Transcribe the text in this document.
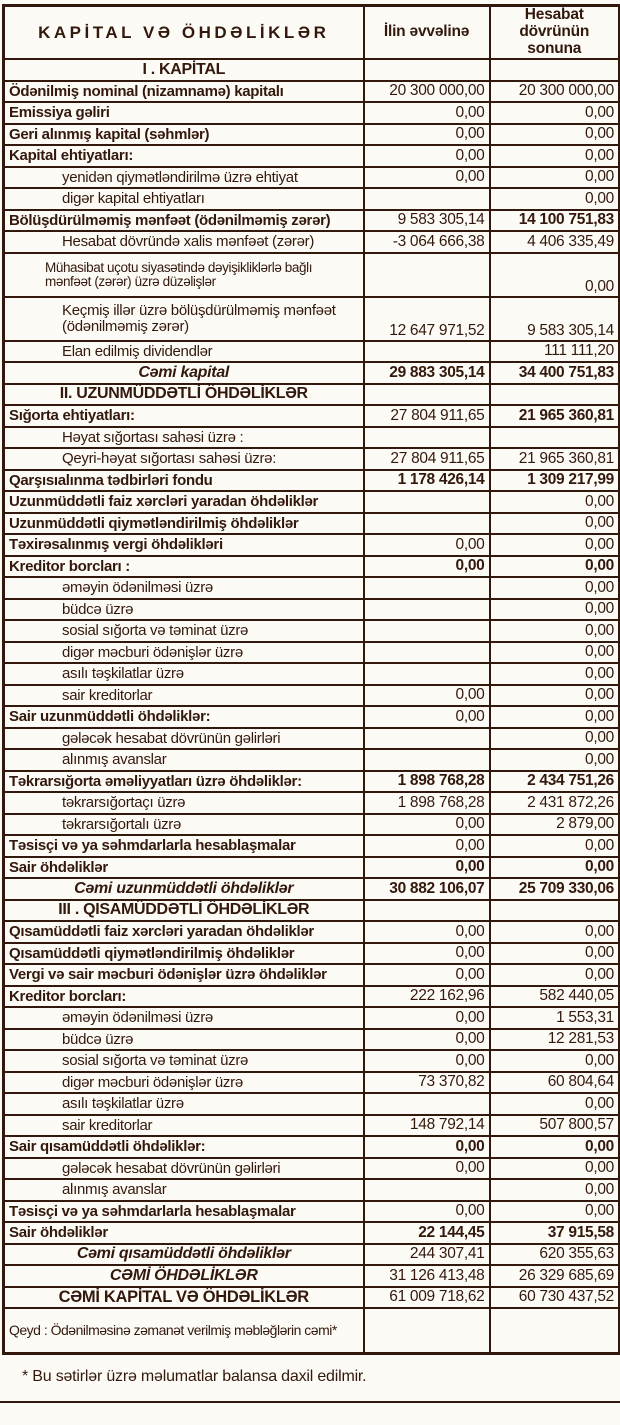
KAPİTAL VƏ ÖHDƏLİKLƏR	İlin əvvəlinə	Hesabat dövrünün sonuna
I . KAPİTAL		
Ödənilmiş nominal (nizamnamə) kapitalı	20 300 000,00	20 300 000,00
Emissiya gəliri	0,00	0,00
Geri alınmış kapital (səhmlər)	0,00	0,00
Kapital ehtiyatları:	0,00	0,00
yenidən qiymətləndirilmə üzrə ehtiyat	0,00	0,00
digər kapital ehtiyatları		0,00
Bölüşdürülməmiş mənfəət (ödənilməmiş zərər)	9 583 305,14	14 100 751,83
Hesabat dövründə xalis mənfəət (zərər)	-3 064 666,38	4 406 335,49
Mühasibat uçotu siyasətində dəyişikliklərlə bağlı mənfəət (zərər) üzrə düzəlişlər		0,00
Keçmiş illər üzrə bölüşdürülməmiş mənfəət (ödənilməmiş zərər)	12 647 971,52	9 583 305,14
Elan edilmiş dividendlər		111 111,20
Cəmi kapital	29 883 305,14	34 400 751,83
II. UZUNMÜDDƏTLİ ÖHDƏLİKLƏR		
Sığorta ehtiyatları:	27 804 911,65	21 965 360,81
Həyat sığortası sahəsi üzrə :		
Qeyri-həyat sığortası sahəsi üzrə:	27 804 911,65	21 965 360,81
Qarşısıalınma tədbirləri fondu	1 178 426,14	1 309 217,99
Uzunmüddətli faiz xərcləri yaradan öhdəliklər		0,00
Uzunmüddətli qiymətləndirilmiş öhdəliklər		0,00
Təxirəsalınmış vergi öhdəlikləri	0,00	0,00
Kreditor borcları :	0,00	0,00
əməyin ödənilməsi üzrə		0,00
büdcə üzrə		0,00
sosial sığorta və təminat üzrə		0,00
digər məcburi ödənişlər üzrə		0,00
asılı təşkilatlar üzrə		0,00
sair kreditorlar	0,00	0,00
Sair uzunmüddətli öhdəliklər:	0,00	0,00
gələcək hesabat dövrünün gəlirləri		0,00
alınmış avanslar		0,00
Təkrarsığorta əməliyyatları üzrə öhdəliklər:	1 898 768,28	2 434 751,26
təkrarsığortaçı üzrə	1 898 768,28	2 431 872,26
təkrarsığortalı üzrə	0,00	2 879,00
Təsisçi və ya səhmdarlarla hesablaşmalar	0,00	0,00
Sair öhdəliklər	0,00	0,00
Cəmi uzunmüddətli öhdəliklər	30 882 106,07	25 709 330,06
III . QISAMÜDDƏTLİ ÖHDƏLİKLƏR		
Qısamüddətli faiz xərcləri yaradan öhdəliklər	0,00	0,00
Qısamüddətli qiymətləndirilmiş öhdəliklər	0,00	0,00
Vergi və sair məcburi ödənişlər üzrə öhdəliklər	0,00	0,00
Kreditor borcları:	222 162,96	582 440,05
əməyin ödənilməsi üzrə	0,00	1 553,31
büdcə üzrə	0,00	12 281,53
sosial sığorta və təminat üzrə	0,00	0,00
digər məcburi ödənişlər üzrə	73 370,82	60 804,64
asılı təşkilatlar üzrə		0,00
sair kreditorlar	148 792,14	507 800,57
Sair qısamüddətli öhdəliklər:	0,00	0,00
gələcək hesabat dövrünün gəlirləri	0,00	0,00
alınmış avanslar		0,00
Təsisçi və ya səhmdarlarla hesablaşmalar	0,00	0,00
Sair öhdəliklər	22 144,45	37 915,58
Cəmi qısamüddətli öhdəliklər	244 307,41	620 355,63
CƏMİ ÖHDƏLİKLƏR	31 126 413,48	26 329 685,69
CƏMİ KAPİTAL VƏ ÖHDƏLİKLƏR	61 009 718,62	60 730 437,52
Qeyd : Ödənilməsinə zəmanət verilmiş məbləğlərin cəmi*		
* Bu sətirlər üzrə məlumatlar balansa daxil edilmir.
